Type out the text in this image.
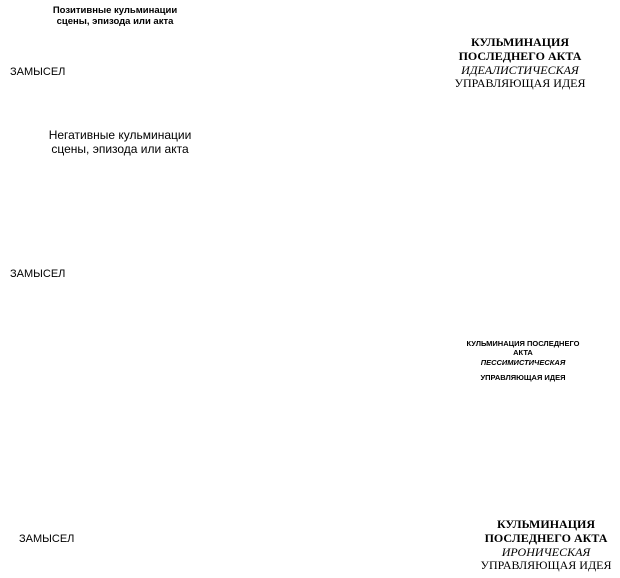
Позитивные кульминации
сцены, эпизода или акта
ЗАМЫСЕЛ
КУЛЬМИНАЦИЯ
ПОСЛЕДНЕГО АКТА
ИДЕАЛИСТИЧЕСКАЯ
УПРАВЛЯЮЩАЯ ИДЕЯ
Негативные кульминации
сцены, эпизода или акта
ЗАМЫСЕЛ
КУЛЬМИНАЦИЯ ПОСЛЕДНЕГО
АКТА
ПЕССИМИСТИЧЕСКАЯ
УПРАВЛЯЮЩАЯ ИДЕЯ
ЗАМЫСЕЛ
КУЛЬМИНАЦИЯ
ПОСЛЕДНЕГО АКТА
ИРОНИЧЕСКАЯ
УПРАВЛЯЮЩАЯ ИДЕЯ
